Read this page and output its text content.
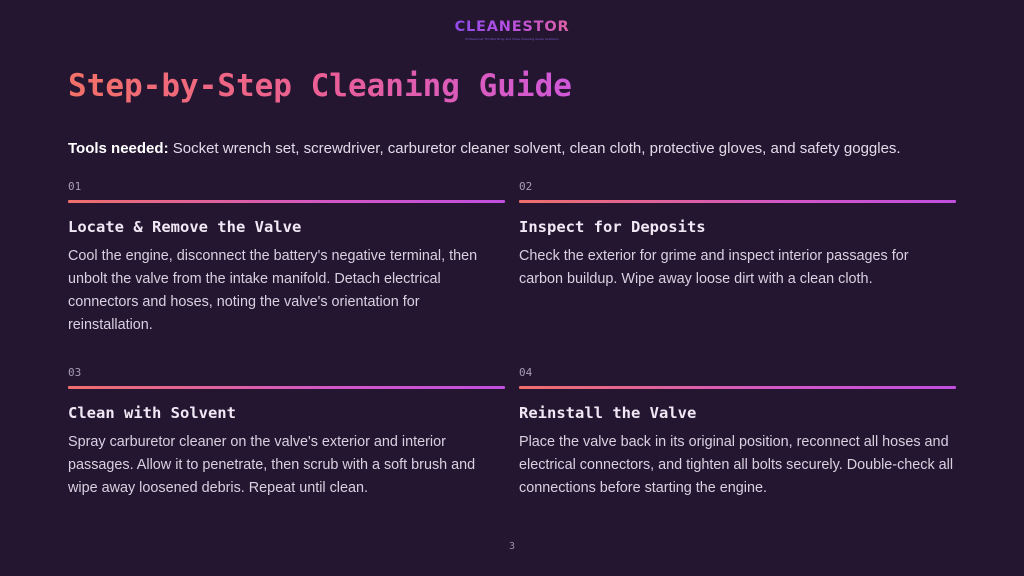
CLEANESTOR
Professional Throttle Body and Valve Cleaning Guide Solutions
Step-by-Step Cleaning Guide
Tools needed: Socket wrench set, screwdriver, carburetor cleaner solvent, clean cloth, protective gloves, and safety goggles.
01
Locate & Remove the Valve
Cool the engine, disconnect the battery's negative terminal, then unbolt the valve from the intake manifold. Detach electrical connectors and hoses, noting the valve's orientation for reinstallation.
02
Inspect for Deposits
Check the exterior for grime and inspect interior passages for carbon buildup. Wipe away loose dirt with a clean cloth.
03
Clean with Solvent
Spray carburetor cleaner on the valve's exterior and interior passages. Allow it to penetrate, then scrub with a soft brush and wipe away loosened debris. Repeat until clean.
04
Reinstall the Valve
Place the valve back in its original position, reconnect all hoses and electrical connectors, and tighten all bolts securely. Double-check all connections before starting the engine.
3
